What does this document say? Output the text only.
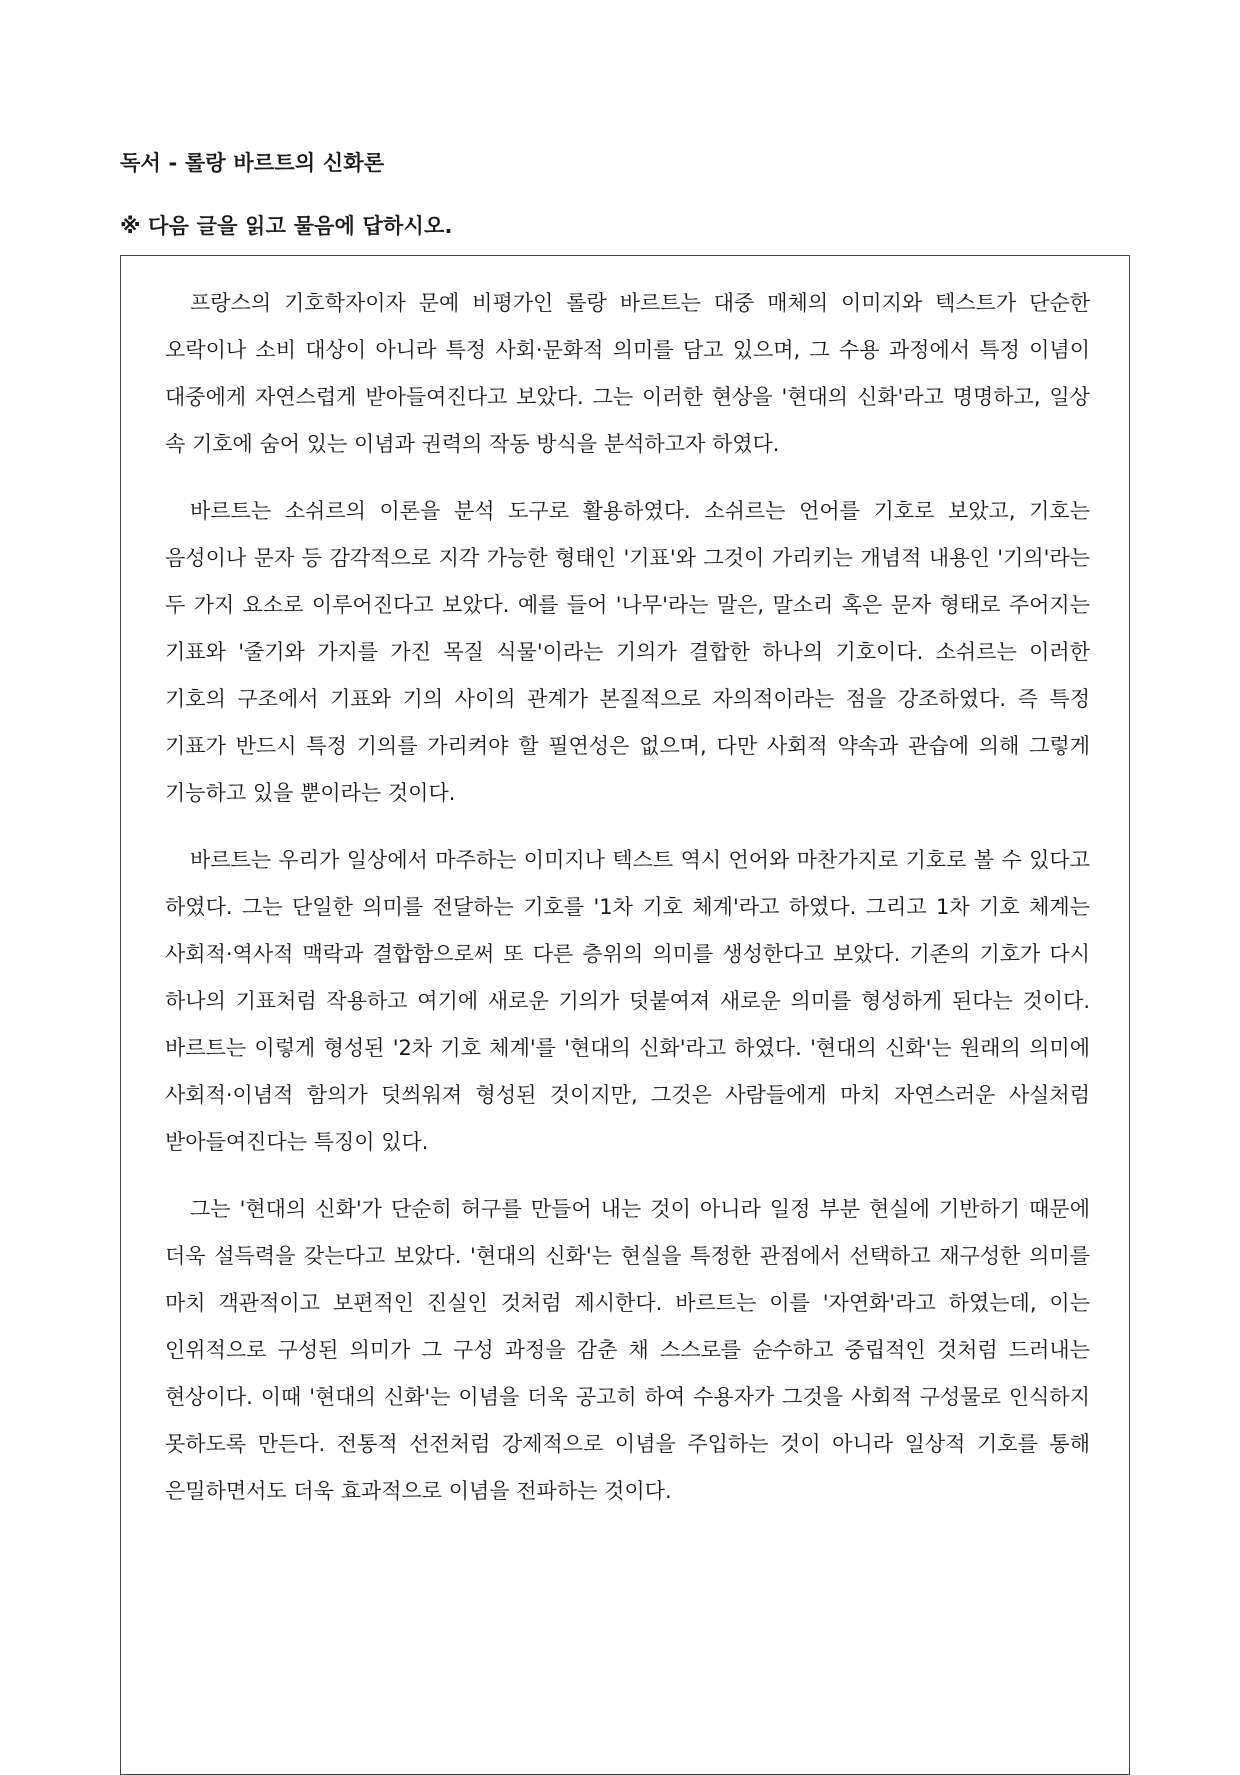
독서 - 롤랑 바르트의 신화론
※ 다음 글을 읽고 물음에 답하시오.

프랑스의 기호학자이자 문예 비평가인 롤랑 바르트는 대중 매체의 이미지와 텍스트가 단순한 오락이나 소비 대상이 아니라 특정 사회·문화적 의미를 담고 있으며, 그 수용 과정에서 특정 이념이 대중에게 자연스럽게 받아들여진다고 보았다. 그는 이러한 현상을 '현대의 신화'라고 명명하고, 일상 속 기호에 숨어 있는 이념과 권력의 작동 방식을 분석하고자 하였다.

바르트는 소쉬르의 이론을 분석 도구로 활용하였다. 소쉬르는 언어를 기호로 보았고, 기호는 음성이나 문자 등 감각적으로 지각 가능한 형태인 '기표'와 그것이 가리키는 개념적 내용인 '기의'라는 두 가지 요소로 이루어진다고 보았다. 예를 들어 '나무'라는 말은, 말소리 혹은 문자 형태로 주어지는 기표와 '줄기와 가지를 가진 목질 식물'이라는 기의가 결합한 하나의 기호이다. 소쉬르는 이러한 기호의 구조에서 기표와 기의 사이의 관계가 본질적으로 자의적이라는 점을 강조하였다. 즉 특정 기표가 반드시 특정 기의를 가리켜야 할 필연성은 없으며, 다만 사회적 약속과 관습에 의해 그렇게 기능하고 있을 뿐이라는 것이다.

바르트는 우리가 일상에서 마주하는 이미지나 텍스트 역시 언어와 마찬가지로 기호로 볼 수 있다고 하였다. 그는 단일한 의미를 전달하는 기호를 '1차 기호 체계'라고 하였다. 그리고 1차 기호 체계는 사회적·역사적 맥락과 결합함으로써 또 다른 층위의 의미를 생성한다고 보았다. 기존의 기호가 다시 하나의 기표처럼 작용하고 여기에 새로운 기의가 덧붙여져 새로운 의미를 형성하게 된다는 것이다. 바르트는 이렇게 형성된 '2차 기호 체계'를 '현대의 신화'라고 하였다. '현대의 신화'는 원래의 의미에 사회적·이념적 함의가 덧씌워져 형성된 것이지만, 그것은 사람들에게 마치 자연스러운 사실처럼 받아들여진다는 특징이 있다.

그는 '현대의 신화'가 단순히 허구를 만들어 내는 것이 아니라 일정 부분 현실에 기반하기 때문에 더욱 설득력을 갖는다고 보았다. '현대의 신화'는 현실을 특정한 관점에서 선택하고 재구성한 의미를 마치 객관적이고 보편적인 진실인 것처럼 제시한다. 바르트는 이를 '자연화'라고 하였는데, 이는 인위적으로 구성된 의미가 그 구성 과정을 감춘 채 스스로를 순수하고 중립적인 것처럼 드러내는 현상이다. 이때 '현대의 신화'는 이념을 더욱 공고히 하여 수용자가 그것을 사회적 구성물로 인식하지 못하도록 만든다. 전통적 선전처럼 강제적으로 이념을 주입하는 것이 아니라 일상적 기호를 통해 은밀하면서도 더욱 효과적으로 이념을 전파하는 것이다.
